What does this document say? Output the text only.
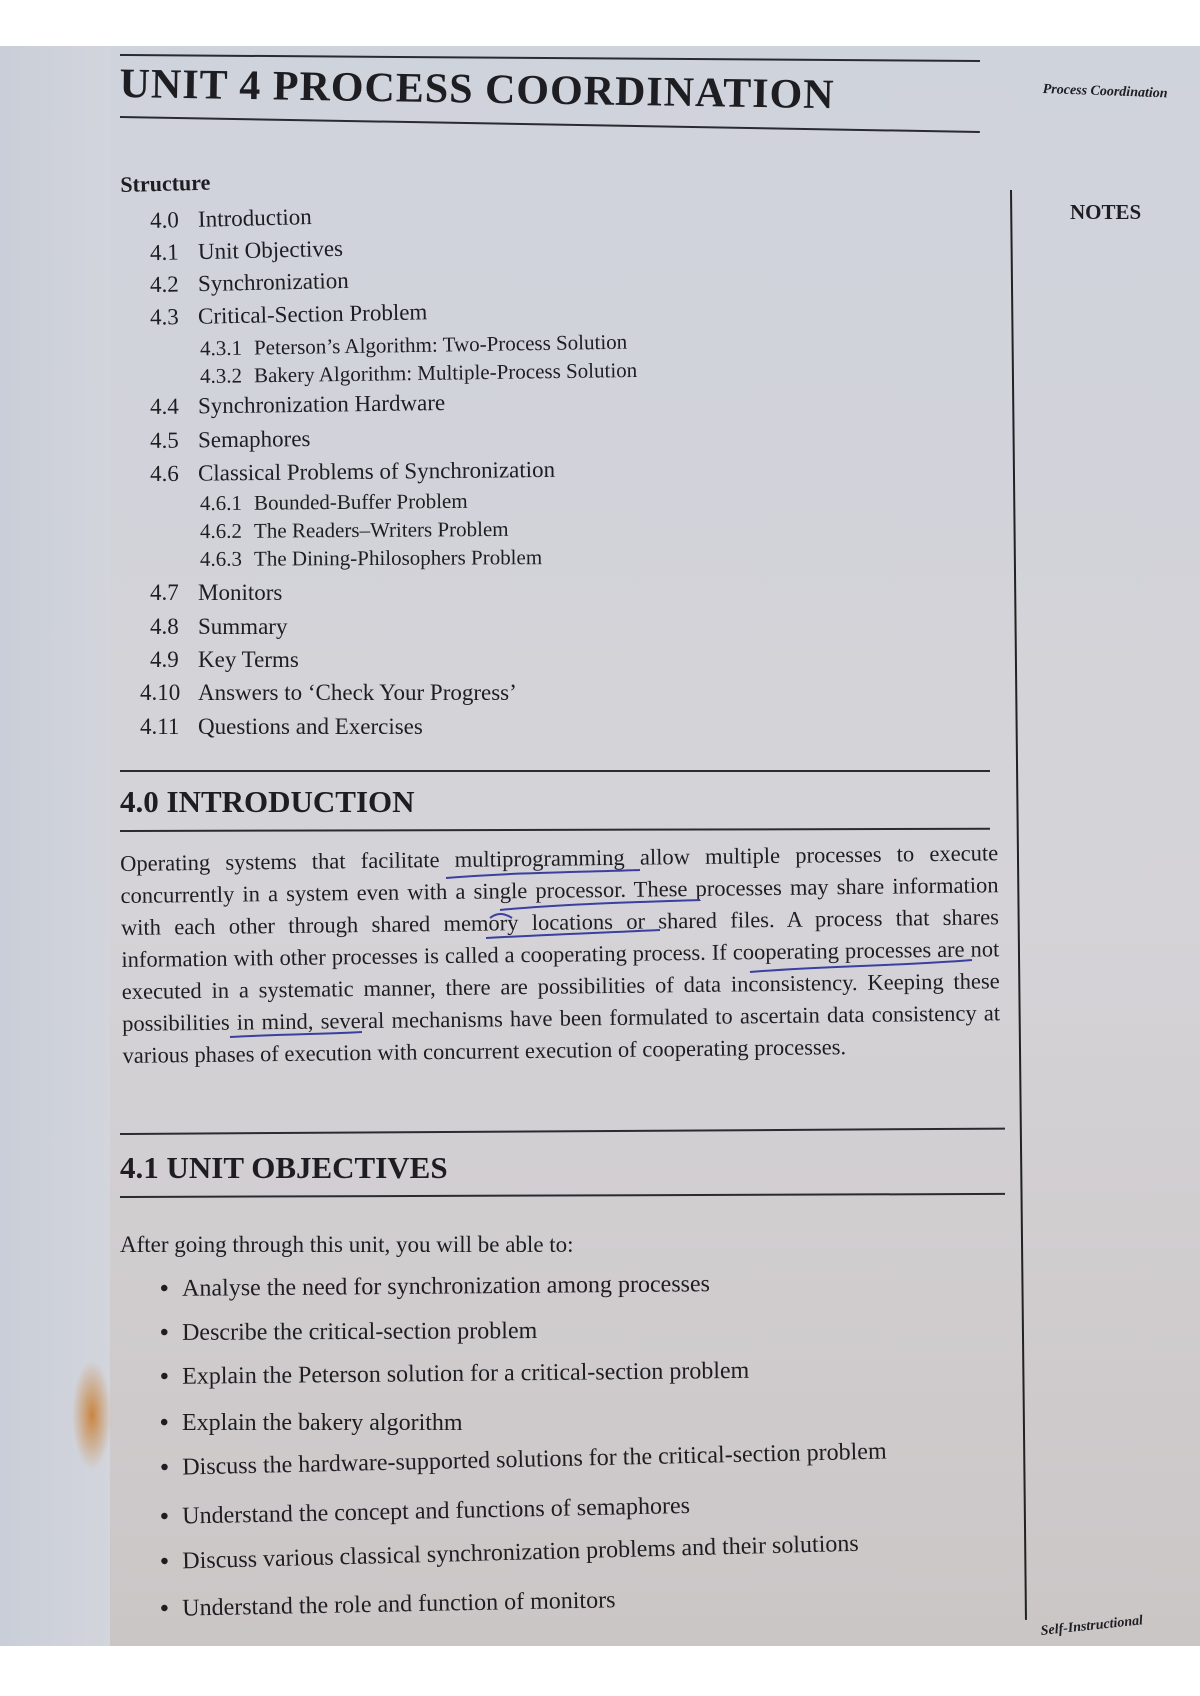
UNIT 4 PROCESS COORDINATION	Process Coordination
NOTES
Structure
4.0 Introduction
4.1 Unit Objectives
4.2 Synchronization
4.3 Critical-Section Problem
4.3.1 Peterson’s Algorithm: Two-Process Solution
4.3.2 Bakery Algorithm: Multiple-Process Solution
4.4 Synchronization Hardware
4.5 Semaphores
4.6 Classical Problems of Synchronization
4.6.1 Bounded-Buffer Problem
4.6.2 The Readers–Writers Problem
4.6.3 The Dining-Philosophers Problem
4.7 Monitors
4.8 Summary
4.9 Key Terms
4.10 Answers to ‘Check Your Progress’
4.11 Questions and Exercises
4.0 INTRODUCTION

Operating systems that facilitate multiprogramming allow multiple processes to execute concurrently in a system even with a single processor. These processes may share information with each other through shared memory locations or shared files. A process that shares information with other processes is called a cooperating process. If cooperating processes are not executed in a systematic manner, there are possibilities of data inconsistency. Keeping these possibilities in mind, several mechanisms have been formulated to ascertain data consistency at various phases of execution with concurrent execution of cooperating processes.

4.1 UNIT OBJECTIVES

After going through this unit, you will be able to:

• Analyse the need for synchronization among processes
• Describe the critical-section problem
• Explain the Peterson solution for a critical-section problem
• Explain the bakery algorithm
• Discuss the hardware-supported solutions for the critical-section problem
• Understand the concept and functions of semaphores
• Discuss various classical synchronization problems and their solutions
• Understand the role and function of monitors
Self-Instructional
